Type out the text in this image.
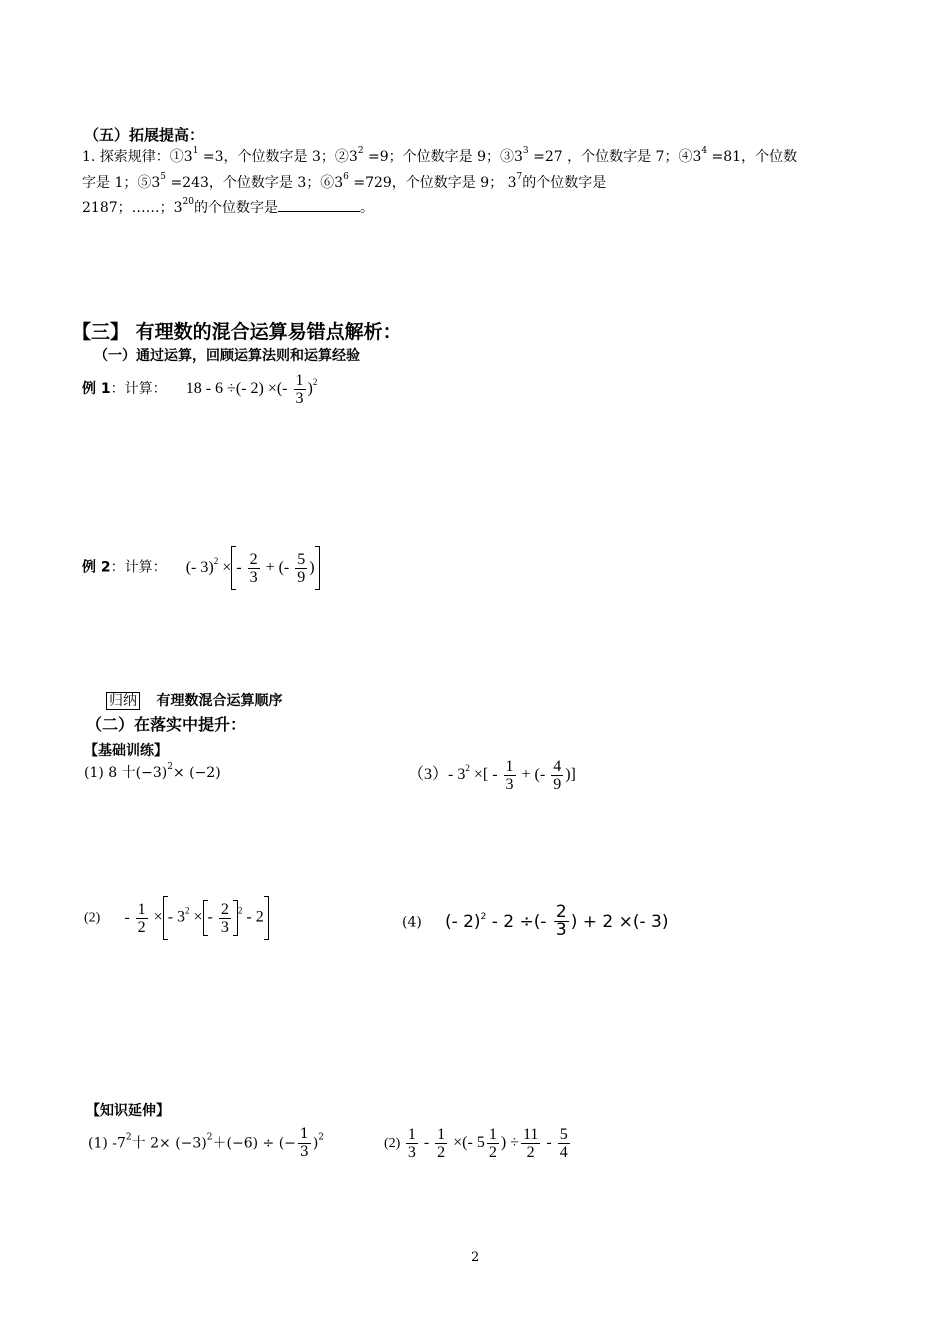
（五）拓展提高：
1. 探索规律：$①3^1 =3$，个位数字是 3；$②3^2 =9$；个位数字是 9；$③3^3 =27$ ，个位数字是 7；$④3^4 =81$，个位数
字是 1；$⑤3^5 =243$，个位数字是 3；$⑥3^6 =729$，个位数字是 9； $3^7$的个位数字是
2187；……；$3^{20}$的个位数字是	。
【三】 有理数的混合运算易错点解析：
（一）通过运算，回顾运算法则和运算经验
例 1：计算： 18 - 6 ÷(- 2) ×(- $\frac{1}{3} )^2$
例 2：计算： (- 3)$^2$ × - $\frac{2}{3}$ + (- $\frac{5}{9}$ )
归纳 有理数混合运算顺序
（二）在落实中提升：
【基础训练】
(1) 8 十$(-3)^2\times (-2)$	（3）- $3^2$ ×[ - $\frac{1}{3}$ + (- $\frac{4}{9}$ )]
$(2) - \frac{1}{2}$ × - $3^2$ × - $\frac{2}{3} ^2 - 2$	(4) (- 2)$^2$ - 2 ÷(- $\frac{2}{3}$ ) + 2 ×(- 3)
【知识延伸】
(1) $-7^2$十 $2\times (-3)^2+(-6)$ ÷ (− $\frac{1}{3} )^2$	$(2) \frac{1}{3} - \frac{1}{2}$ ×(- $5 \frac{1}{2}$ ) ÷ $\frac{11}{2} - \frac{5}{4}$
2
